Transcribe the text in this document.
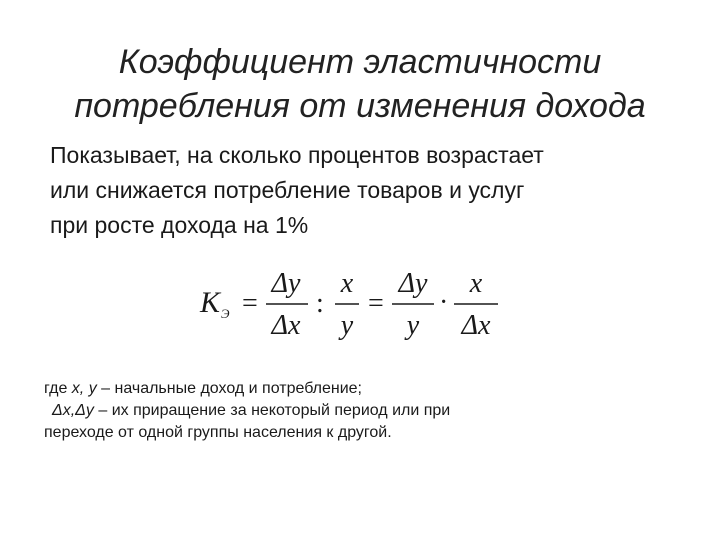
Коэффициент эластичности
потребления от изменения дохода
Показывает, на сколько процентов возрастает
или снижается потребление товаров и услуг
при росте дохода на 1%
K Э =
Δy
Δx
:
x
y
=
Δy
y
·
x
Δx
где x, y – начальные доход и потребление;
Δx,Δy – их приращение за некоторый период или при
переходе от одной группы населения к другой.
